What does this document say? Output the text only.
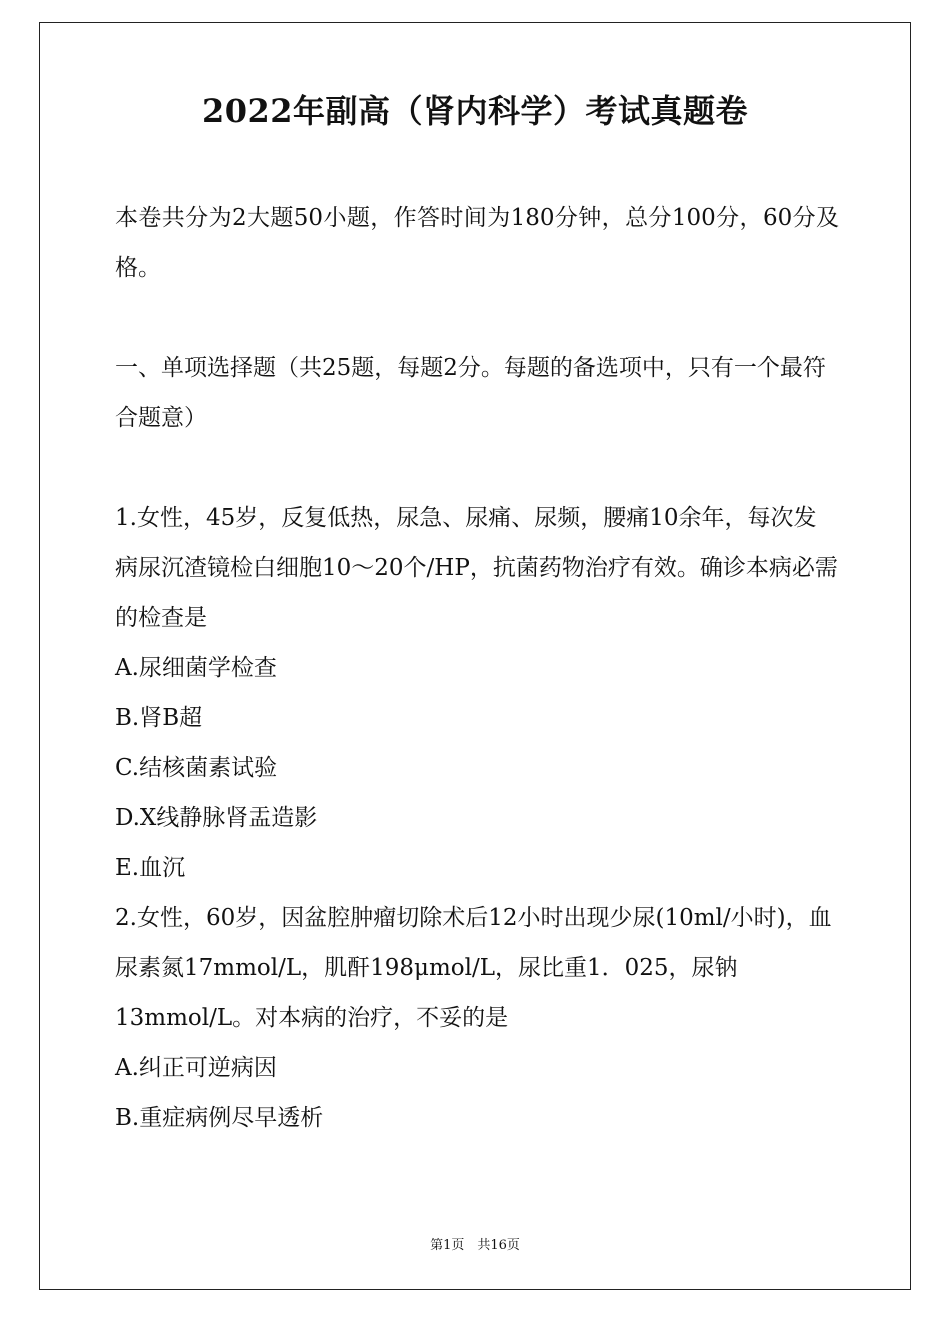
2022年副高（肾内科学）考试真题卷

本卷共分为2大题50小题，作答时间为180分钟，总分100分，60分及格。

一、单项选择题（共25题，每题2分。每题的备选项中，只有一个最符合题意）

1.女性，45岁，反复低热，尿急、尿痛、尿频，腰痛10余年，每次发病尿沉渣镜检白细胞10～20个/HP，抗菌药物治疗有效。确诊本病必需的检查是

A.尿细菌学检查

B.肾B超

C.结核菌素试验

D.X线静脉肾盂造影

E.血沉

2.女性，60岁，因盆腔肿瘤切除术后12小时出现少尿(10ml/小时)，血尿素氮17mmol/L，肌酐198μmol/L，尿比重1．025，尿钠13mmol/L。对本病的治疗，不妥的是

A.纠正可逆病因

B.重症病例尽早透析

第1页　共16页
